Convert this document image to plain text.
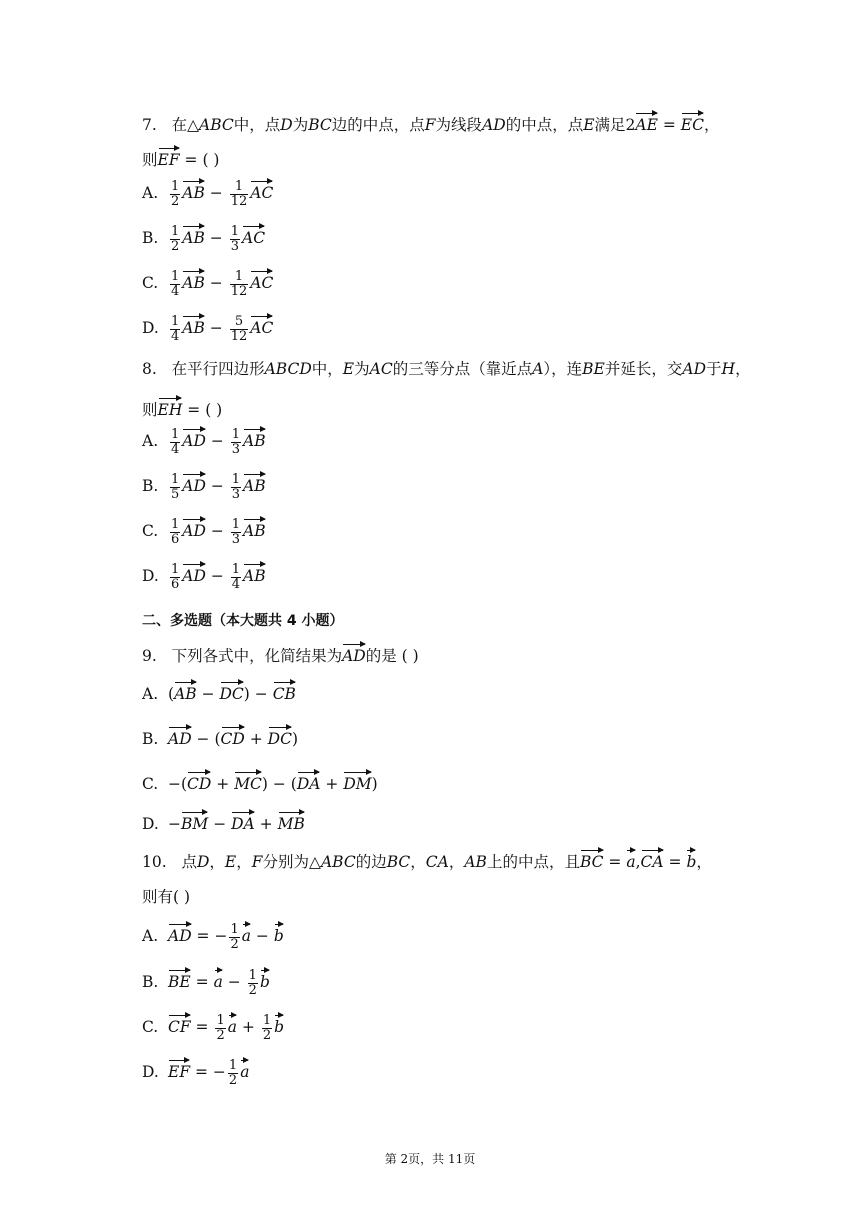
7. 在△ABC中，点D为BC边的中点，点F为线段AD的中点，点E满足2AE = EC，
则EF = ( )
A. $\frac{1}{2}$ AB − $\frac{1}{12}$ AC
B. $\frac{1}{2}$ AB − $\frac{1}{3}$ AC
C. $\frac{1}{4}$ AB − $\frac{1}{12}$ AC
D. $\frac{1}{4}$ AB − $\frac{5}{12}$ AC
8. 在平行四边形ABCD中，E为AC的三等分点（靠近点A），连BE并延长，交AD于H，
则EH = ( )
A. $\frac{1}{4}$ AD − $\frac{1}{3}$ AB
B. $\frac{1}{5}$ AD − $\frac{1}{3}$ AB
C. $\frac{1}{6}$ AD − $\frac{1}{3}$ AB
D. $\frac{1}{6}$ AD − $\frac{1}{4}$ AB
二、多选题（本大题共 4 小题）
9. 下列各式中，化简结果为AD的是 ( )
A. (AB − DC) − CB
B. AD − (CD + DC)
C. −(CD + MC) − (DA + DM)
D. −BM − DA + MB
10. 点D，E，F分别为△ABC的边BC，CA，AB上的中点，且BC = a,CA = b，
则有( )
A. AD = − $\frac{1}{2}$ a − b
B. BE = $a - \frac{1}{2}$ b
C. CF = $\frac{1}{2}$ $a + \frac{1}{2}$ b
D. EF = − $\frac{1}{2}$ a
第 2页，共 11页
